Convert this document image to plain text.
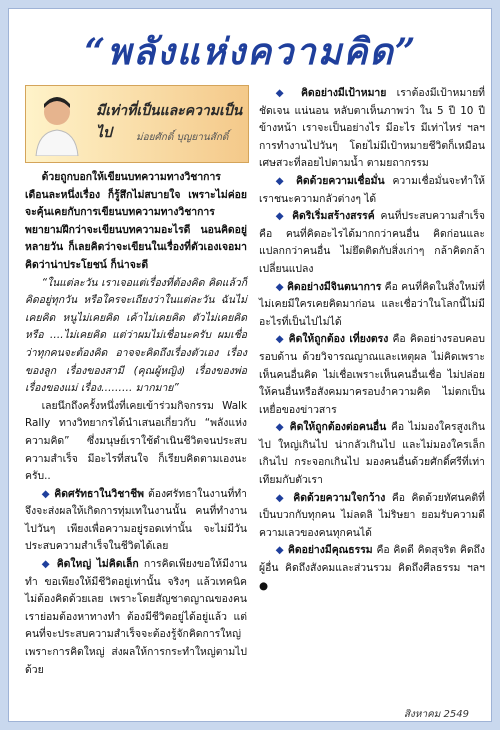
“พลังแห่งความคิด”
มีเท่าที่เป็นและความเป็นไป	ม่อยศักดิ์ บุญยานสักดิ์

ด้วยถูกบอกให้เขียนบทความทางวิชาการ เดือนละหนึ่งเรื่อง ก็รู้สึกไม่สบายใจ เพราะไม่ค่อยจะคุ้นเคยกับการเขียนบทความทางวิชาการ พยายามฝึกว่าจะเขียนบทความอะไรดี นอนคิดอยู่หลายวัน ก็เลยคิดว่าจะเขียนในเรื่องที่ตัวเองเจอมา คิดว่าน่าประโยชน์ ก็น่าจะดี

“ในแต่ละวัน เราเจอแต่เรื่องที่ต้องคิด คิดแล้วก็คิดอยู่ทุกวัน หรือใครจะเถียงว่าในแต่ละวัน ฉันไม่เคยคิด หนูไม่เคยคิด เค้าไม่เคยคิด ตัวไม่เคยคิด หรือ ….ไม่เคยคิด แต่ว่าผมไม่เชื่อนะครับ ผมเชื่อว่าทุกคนจะต้องคิด อาจจะคิดถึงเรื่องตัวเอง เรื่องของลูก เรื่องของสามี (คุณผู้หญิง) เรื่องของพ่อ เรื่องของแม่ เรื่อง……… มากมาย”

เลยนึกถึงครั้งหนึ่งที่เคยเข้าร่วมกิจกรรม Walk Rally ทางวิทยากรได้นำเสนอเกี่ยวกับ “พลังแห่งความคิด” ซึ่งมนุษย์เราใช้ดำเนินชีวิตจนประสบความสำเร็จ มีอะไรที่สนใจ ก็เรียบคิดตามเองนะครับ..

◆ คิดศรัทธาในวิชาชีพ ต้องศรัทธาในงานที่ทำ จึงจะส่งผลให้เกิดการทุ่มเทในงานนั้น คนที่ทำงานไปวันๆ เพียงเพื่อความอยู่รอดเท่านั้น จะไม่มีวันประสบความสำเร็จในชีวิตได้เลย

◆ คิดใหญ่ ไม่คิดเล็ก การคิดเพียงขอให้มีงานทำ ขอเพียงให้มีชีวิตอยู่เท่านั้น จริงๆ แล้วเทคนิคไม่ต้องคิดด้วยเลย เพราะโดยสัญชาตญาณของคนเราย่อมต้องหาทางทำ ต้องมีชีวิตอยู่ได้อยู่แล้ว แต่คนที่จะประสบความสำเร็จจะต้องรู้จักคิดการใหญ่ เพราะการคิดใหญ่ ส่งผลให้การกระทำใหญ่ตามไปด้วย

◆ คิดอย่างมีเป้าหมาย เราต้องมีเป้าหมายที่ชัดเจน แน่นอน หลับตาเห็นภาพว่า ใน 5 ปี 10 ปีข้างหน้า เราจะเป็นอย่างไร มีอะไร มีเท่าไหร่ ฯลฯ การทำงานไปวันๆ โดยไม่มีเป้าหมายชีวิตก็เหมือนเศษสวะที่ลอยไปตามน้ำ ตามยถากรรม

◆ คิดด้วยความเชื่อมั่น ความเชื่อมั่นจะทำให้เราชนะความกลัวต่างๆ ได้

◆ คิดริเริ่มสร้างสรรค์ คนที่ประสบความสำเร็จ คือ คนที่คิดอะไรได้มากกว่าคนอื่น คิดก่อนและแปลกกว่าคนอื่น ไม่ยึดติดกับสิ่งเก่าๆ กล้าคิดกล้าเปลี่ยนแปลง

◆ คิดอย่างมีจินตนาการ คือ คนที่คิดในสิ่งใหม่ที่ไม่เคยมีใครเคยคิดมาก่อน และเชื่อว่าในโลกนี้ไม่มีอะไรที่เป็นไปไม่ได้

◆ คิดให้ถูกต้อง เที่ยงตรง คือ คิดอย่างรอบคอบ รอบด้าน ด้วยวิจารณญาณและเหตุผล ไม่คิดเพราะเห็นคนอื่นคิด ไม่เชื่อเพราะเห็นคนอื่นเชื่อ ไม่ปล่อยให้คนอื่นหรือสังคมมาครอบงำความคิด ไม่ตกเป็นเหยื่อของข่าวสาร

◆ คิดให้ถูกต้องต่อคนอื่น คือ ไม่มองใครสูงเกินไป ใหญ่เกินไป น่ากลัวเกินไป และไม่มองใครเล็กเกินไป กระจอกเกินไป มองคนอื่นด้วยศักดิ์ศรีที่เท่าเทียมกับตัวเรา

◆ คิดด้วยความใจกว้าง คือ คิดด้วยทัศนคติที่เป็นบวกกับทุกคน ไม่ลดลิ ไม่ริษยา ยอมรับความดีความเลวของคนทุกคนได้

◆ คิดอย่างมีคุณธรรม คือ คิดดี คิดสุจริต คิดถึงผู้อื่น คิดถึงสังคมและส่วนรวม คิดถึงศีลธรรม ฯลฯ ●

สิงหาคม 2549
